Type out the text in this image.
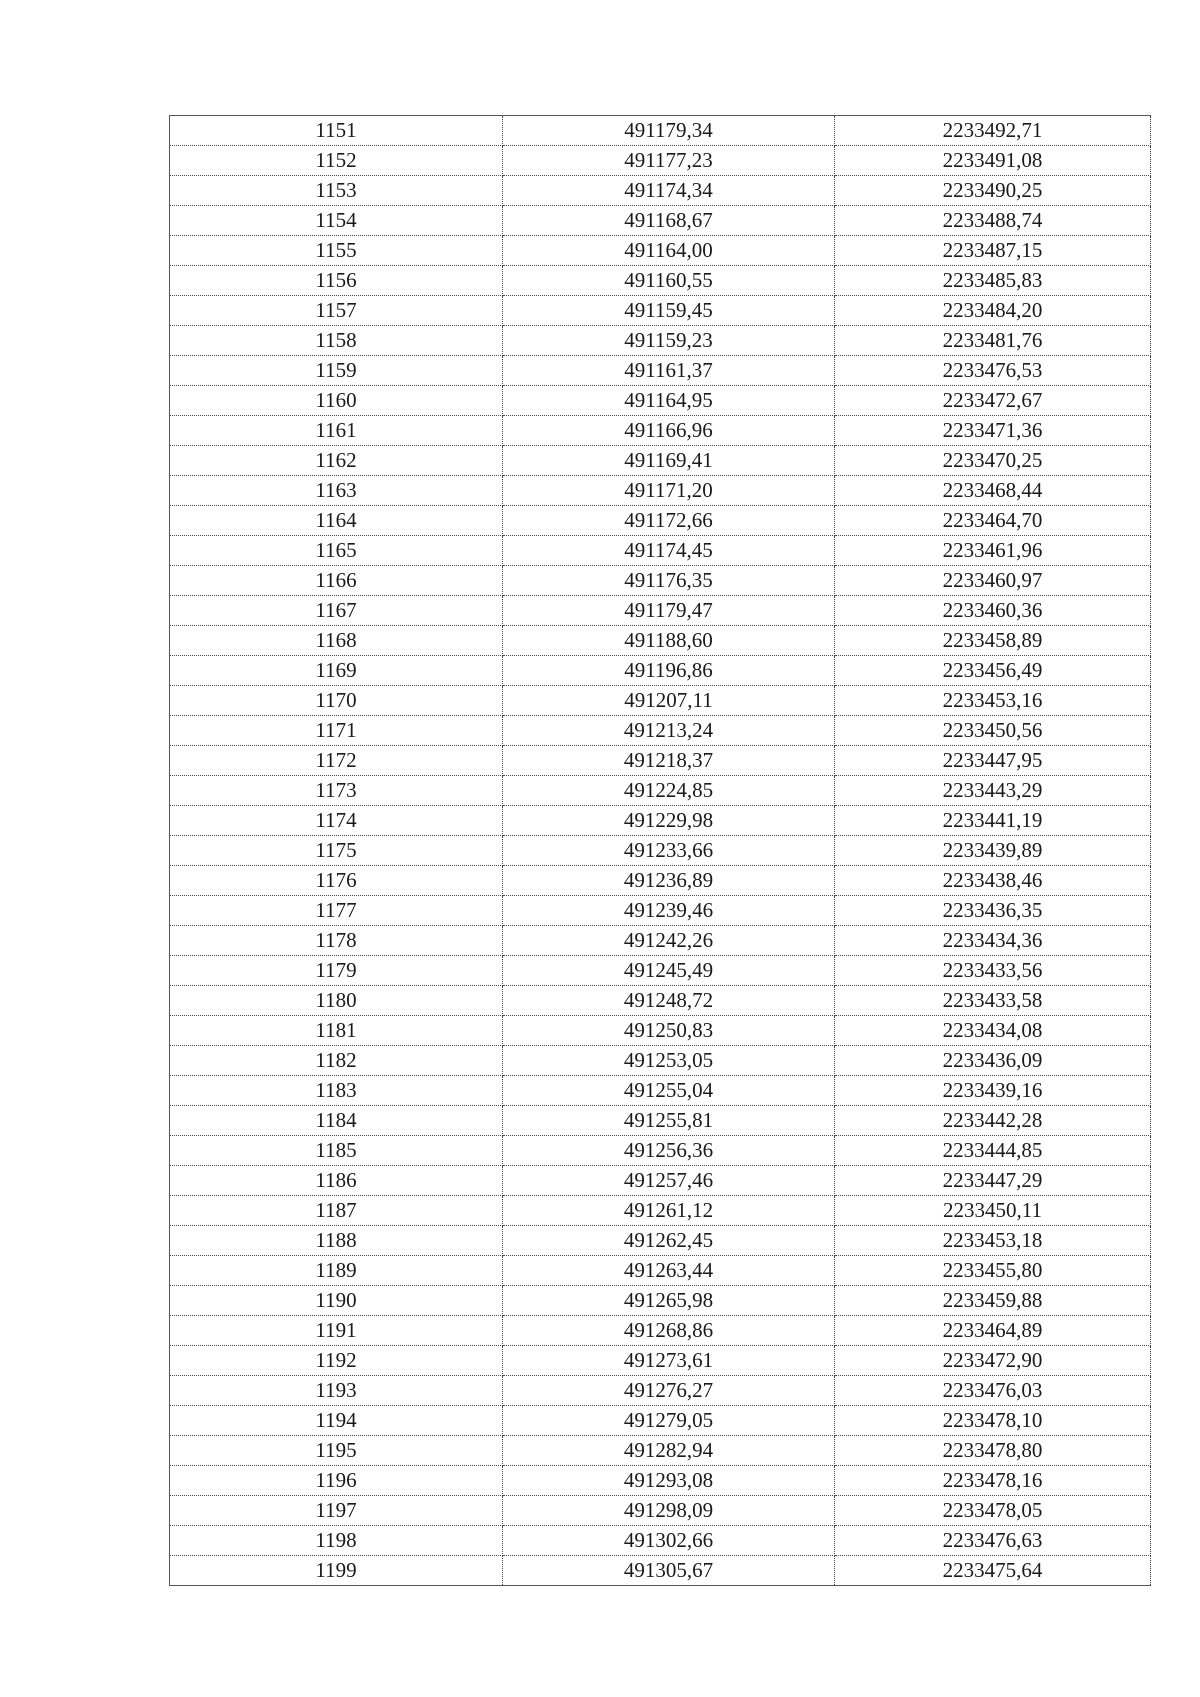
1151	491179,34	2233492,71
1152	491177,23	2233491,08
1153	491174,34	2233490,25
1154	491168,67	2233488,74
1155	491164,00	2233487,15
1156	491160,55	2233485,83
1157	491159,45	2233484,20
1158	491159,23	2233481,76
1159	491161,37	2233476,53
1160	491164,95	2233472,67
1161	491166,96	2233471,36
1162	491169,41	2233470,25
1163	491171,20	2233468,44
1164	491172,66	2233464,70
1165	491174,45	2233461,96
1166	491176,35	2233460,97
1167	491179,47	2233460,36
1168	491188,60	2233458,89
1169	491196,86	2233456,49
1170	491207,11	2233453,16
1171	491213,24	2233450,56
1172	491218,37	2233447,95
1173	491224,85	2233443,29
1174	491229,98	2233441,19
1175	491233,66	2233439,89
1176	491236,89	2233438,46
1177	491239,46	2233436,35
1178	491242,26	2233434,36
1179	491245,49	2233433,56
1180	491248,72	2233433,58
1181	491250,83	2233434,08
1182	491253,05	2233436,09
1183	491255,04	2233439,16
1184	491255,81	2233442,28
1185	491256,36	2233444,85
1186	491257,46	2233447,29
1187	491261,12	2233450,11
1188	491262,45	2233453,18
1189	491263,44	2233455,80
1190	491265,98	2233459,88
1191	491268,86	2233464,89
1192	491273,61	2233472,90
1193	491276,27	2233476,03
1194	491279,05	2233478,10
1195	491282,94	2233478,80
1196	491293,08	2233478,16
1197	491298,09	2233478,05
1198	491302,66	2233476,63
1199	491305,67	2233475,64
